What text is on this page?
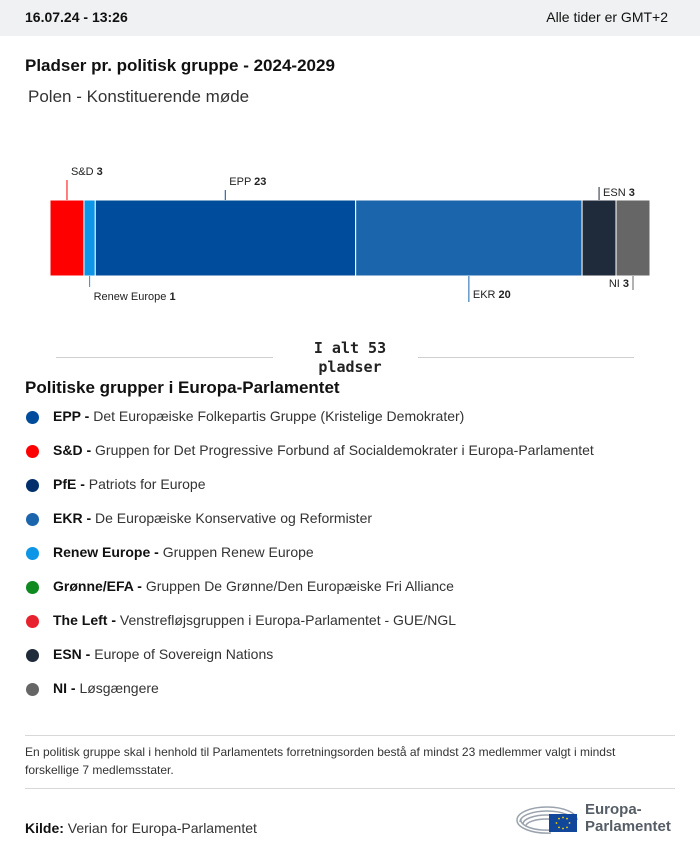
16.07.24 - 13:26	Alle tider er GMT+2
Pladser pr. politisk gruppe - 2024-2029
Polen - Konstituerende møde
S&D 3
Renew Europe 1
EPP 23
EKR 20
ESN 3
NI 3
I alt 53
pladser
Politiske grupper i Europa-Parlamentet
EPP - Det Europæiske Folkepartis Gruppe (Kristelige Demokrater)
S&D - Gruppen for Det Progressive Forbund af Socialdemokrater i Europa-Parlamentet
PfE - Patriots for Europe
EKR - De Europæiske Konservative og Reformister
Renew Europe - Gruppen Renew Europe
Grønne/EFA - Gruppen De Grønne/Den Europæiske Fri Alliance
The Left - Venstrefløjsgruppen i Europa-Parlamentet - GUE/NGL
ESN - Europe of Sovereign Nations
NI - Løsgængere
En politisk gruppe skal i henhold til Parlamentets forretningsorden bestå af mindst 23 medlemmer valgt i mindst forskellige 7 medlemsstater.
Kilde: Verian for Europa-Parlamentet
Europa-
Parlamentet
